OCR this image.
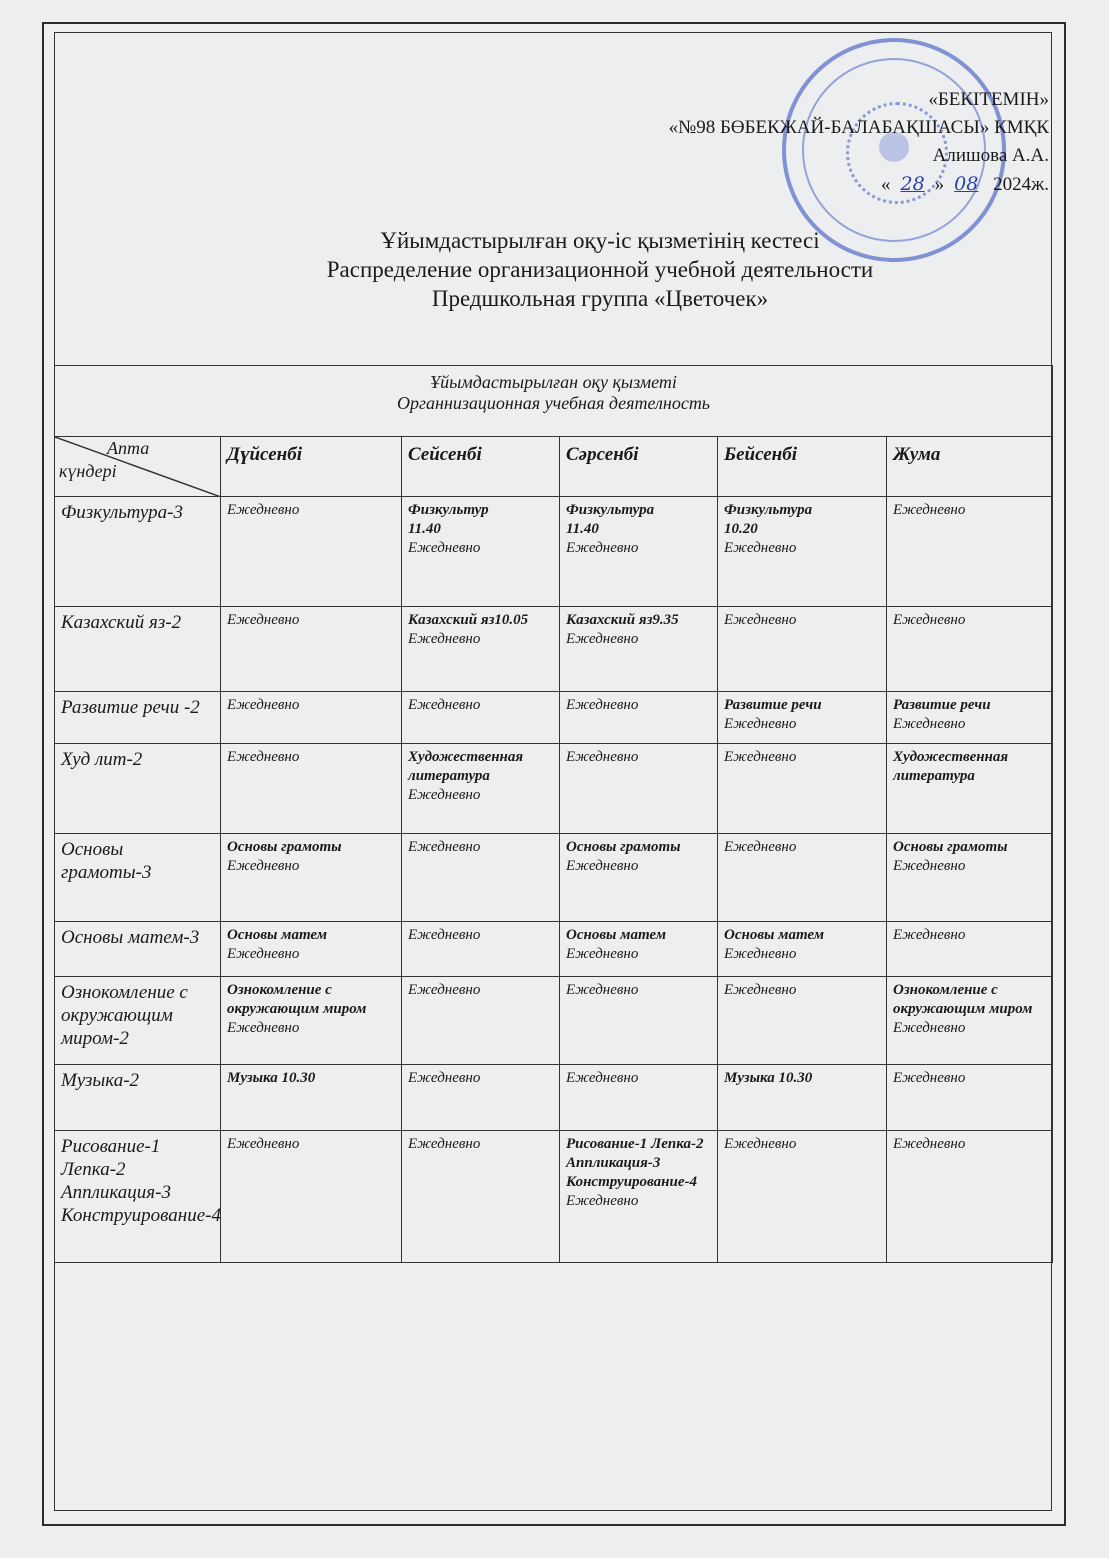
«БЕКІТЕМІН»
«№98 БӨБЕКЖАЙ-БАЛАБАҚШАСЫ» КМҚК
Алишова А.А.
« 28 » 08 2024ж.
Ұйымдастырылған оқу-іс қызметінің кестесі
Распределение организационной учебной деятельности
Предшкольная группа «Цветочек»
Ұйымдастырылған оқу қызметі
Органнизационная учебная деятелность					

Апта
күндері	Дүйсенбі	Сейсенбі	Сәрсенбі	Бейсенбі	Жума
Физкультура-3	Ежедневно	Физкультур
11.40
Ежедневно	Физкультура
11.40
Ежедневно	Физкультура
10.20
Ежедневно	Ежедневно

Казахский яз-2	Ежедневно	Казахский яз10.05
Ежедневно	Казахский яз9.35
Ежедневно	Ежедневно	Ежедневно

Развитие речи -2	Ежедневно	Ежедневно	Ежедневно	Развитие речи
Ежедневно	Развитие речи
Ежедневно

Худ лит-2	Ежедневно	Художественная литература
Ежедневно	Ежедневно	Ежедневно	Художественная литература

Основы грамоты-3	Основы грамоты
Ежедневно	Ежедневно	Основы грамоты
Ежедневно	Ежедневно	Основы грамоты
Ежедневно

Основы матем-3	Основы матем
Ежедневно	Ежедневно	Основы матем
Ежедневно	Основы матем
Ежедневно	Ежедневно

Ознокомление с окружающим миром-2	Ознокомление с окружающим миром
Ежедневно	Ежедневно	Ежедневно	Ежедневно	Ознокомление с окружающим миром
Ежедневно

Музыка-2	Музыка 10.30	Ежедневно	Ежедневно	Музыка 10.30	Ежедневно

Рисование-1 Лепка-2 Аппликация-3 Конструирование-4	Ежедневно	Ежедневно	Рисование-1 Лепка-2 Аппликация-3 Конструирование-4
Ежедневно	Ежедневно	Ежедневно
